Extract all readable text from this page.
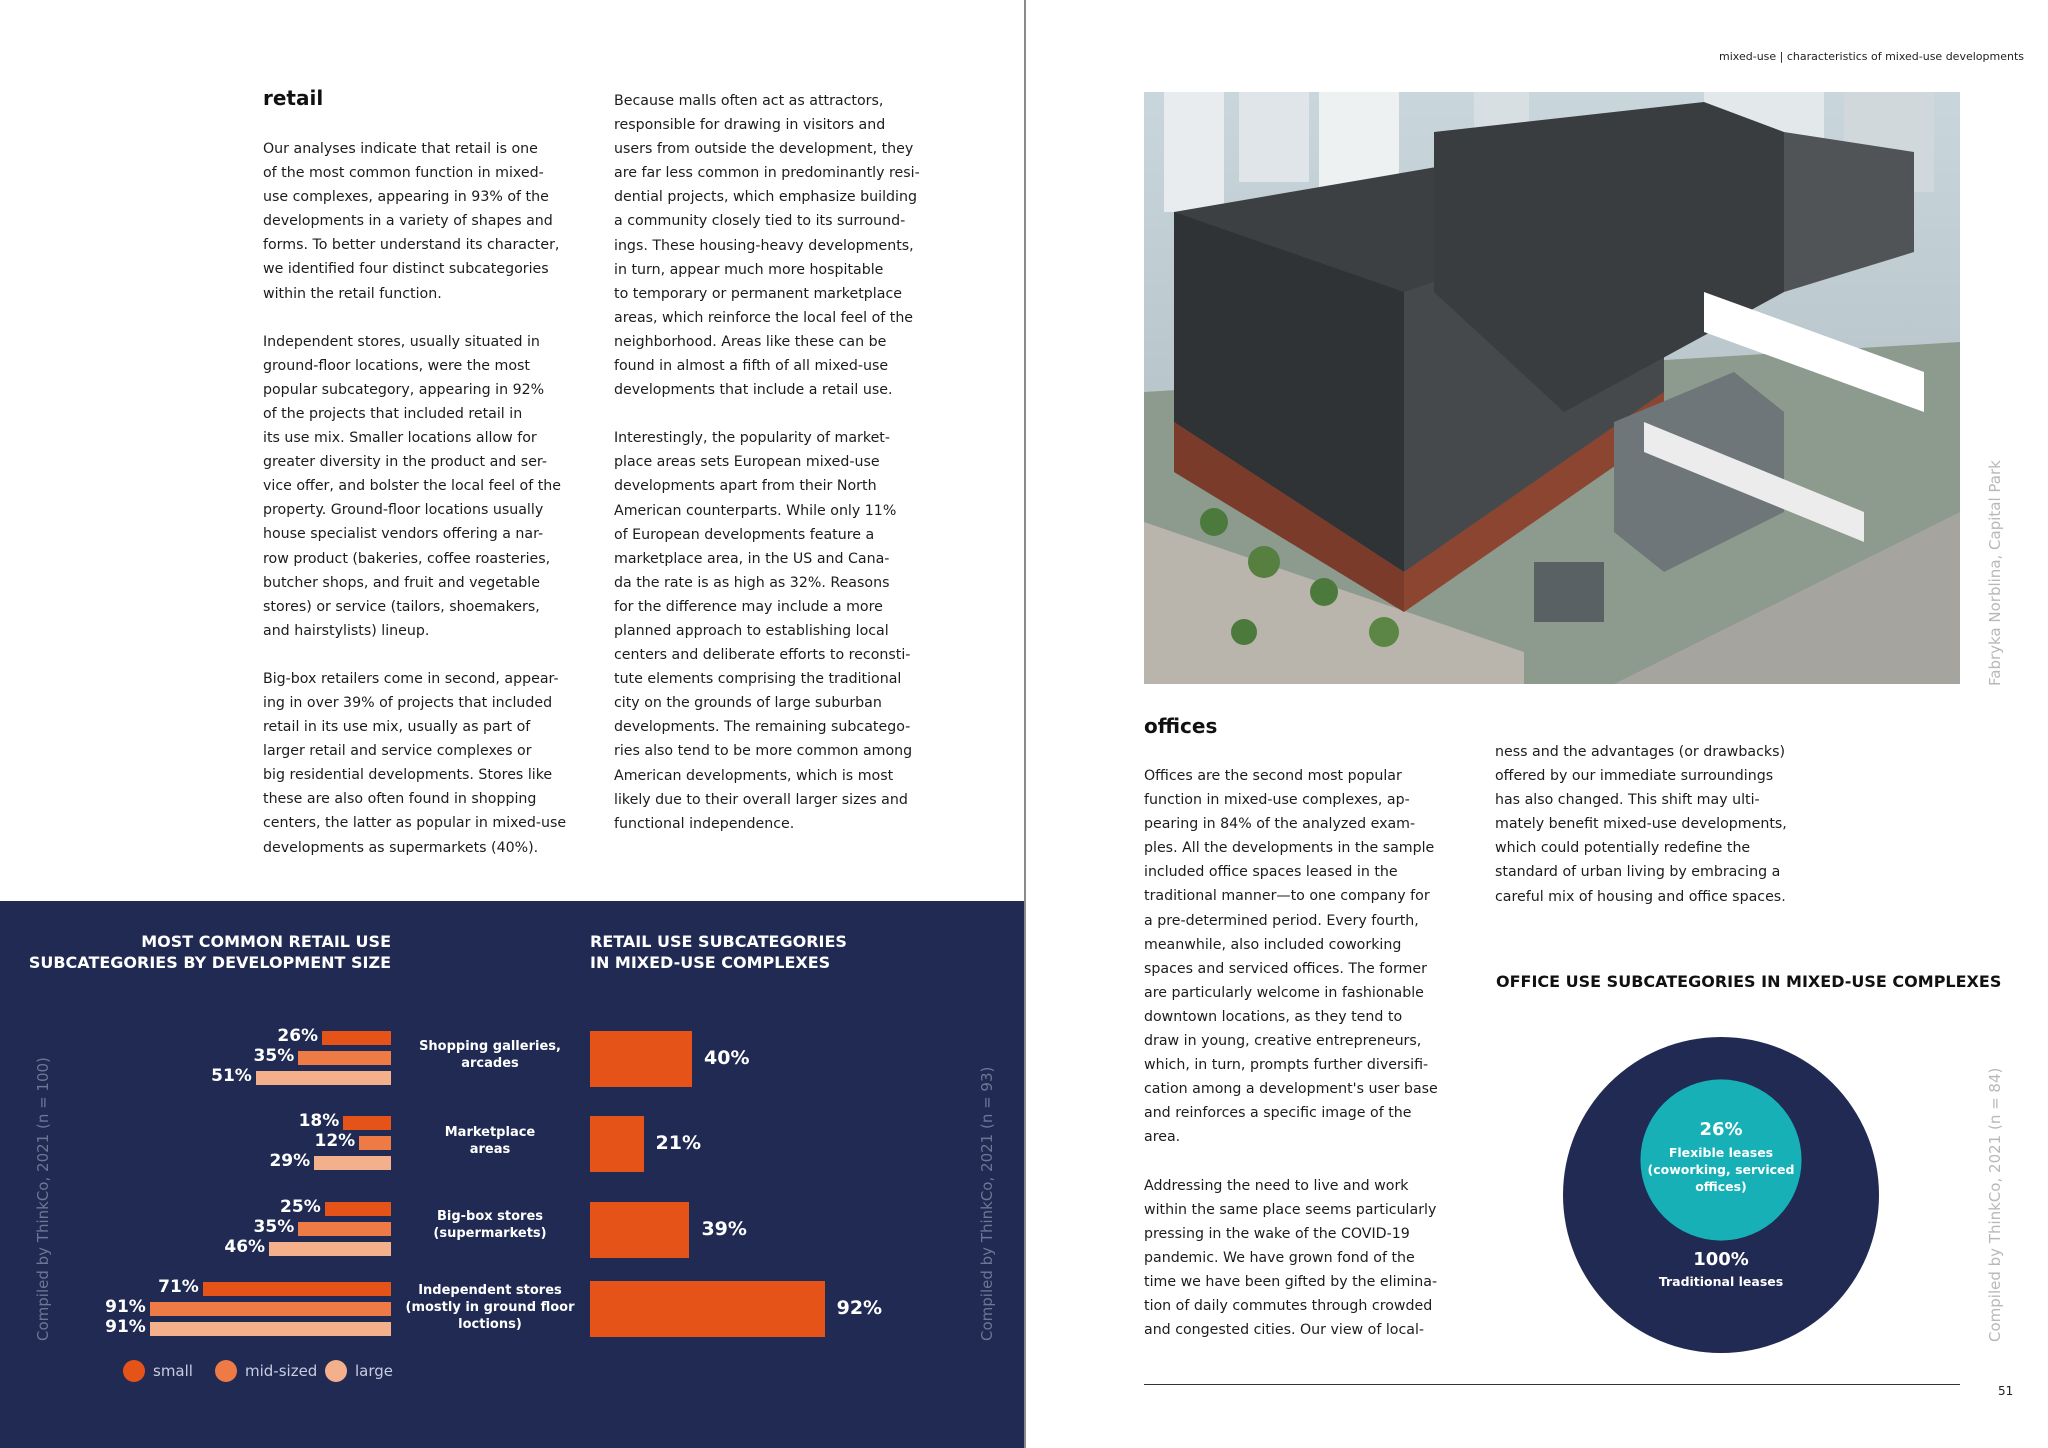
retail

Our analyses indicate that retail is one
of the most common function in mixed-
use complexes, appearing in 93% of the
developments in a variety of shapes and
forms. To better understand its character,
we identified four distinct subcategories
within the retail function.

Independent stores, usually situated in
ground-floor locations, were the most
popular subcategory, appearing in 92%
of the projects that included retail in
its use mix. Smaller locations allow for
greater diversity in the product and ser-
vice offer, and bolster the local feel of the
property. Ground-floor locations usually
house specialist vendors offering a nar-
row product (bakeries, coffee roasteries,
butcher shops, and fruit and vegetable
stores) or service (tailors, shoemakers,
and hairstylists) lineup.

Big-box retailers come in second, appear-
ing in over 39% of projects that included
retail in its use mix, usually as part of
larger retail and service complexes or
big residential developments. Stores like
these are also often found in shopping
centers, the latter as popular in mixed-use
developments as supermarkets (40%).

Because malls often act as attractors,
responsible for drawing in visitors and
users from outside the development, they
are far less common in predominantly resi-
dential projects, which emphasize building
a community closely tied to its surround-
ings. These housing-heavy developments,
in turn, appear much more hospitable
to temporary or permanent marketplace
areas, which reinforce the local feel of the
neighborhood. Areas like these can be
found in almost a fifth of all mixed-use
developments that include a retail use.

Interestingly, the popularity of market-
place areas sets European mixed-use
developments apart from their North
American counterparts. While only 11%
of European developments feature a
marketplace area, in the US and Cana-
da the rate is as high as 32%. Reasons
for the difference may include a more
planned approach to establishing local
centers and deliberate efforts to reconsti-
tute elements comprising the traditional
city on the grounds of large suburban
developments. The remaining subcatego-
ries also tend to be more common among
American developments, which is most
likely due to their overall larger sizes and
functional independence.

MOST COMMON RETAIL USE
SUBCATEGORIES BY DEVELOPMENT SIZE
RETAIL USE SUBCATEGORIES
IN MIXED-USE COMPLEXES
Compiled by ThinkCo, 2021 (n = 100)	Compiled by ThinkCo, 2021 (n = 93)
26%
18%
25%
71%
35%
12%
35%
91%
51%
29%
46%
91%
Shopping galleries,
arcades
Marketplace
areas
Big-box stores
(supermarkets)
Independent stores
(mostly in ground floor
loctions)
40%
21%
39%
92%
small	mid-sized	large
mixed-use | characteristics of mixed-use developments
Fabryka Norblina, Capital Park
offices

Offices are the second most popular
function in mixed-use complexes, ap-
pearing in 84% of the analyzed exam-
ples. All the developments in the sample
included office spaces leased in the
traditional manner—to one company for
a pre-determined period. Every fourth,
meanwhile, also included coworking
spaces and serviced offices. The former
are particularly welcome in fashionable
downtown locations, as they tend to
draw in young, creative entrepreneurs,
which, in turn, prompts further diversifi-
cation among a development's user base
and reinforces a specific image of the
area.

Addressing the need to live and work
within the same place seems particularly
pressing in the wake of the COVID-19
pandemic. We have grown fond of the
time we have been gifted by the elimina-
tion of daily commutes through crowded
and congested cities. Our view of local-

ness and the advantages (or drawbacks)
offered by our immediate surroundings
has also changed. This shift may ulti-
mately benefit mixed-use developments,
which could potentially redefine the
standard of urban living by embracing a
careful mix of housing and office spaces.

OFFICE USE SUBCATEGORIES IN MIXED-USE COMPLEXES
26%
Flexible leases
(coworking, serviced
offices)
100%
Traditional leases	Compiled by ThinkCo, 2021 (n = 84)
51
